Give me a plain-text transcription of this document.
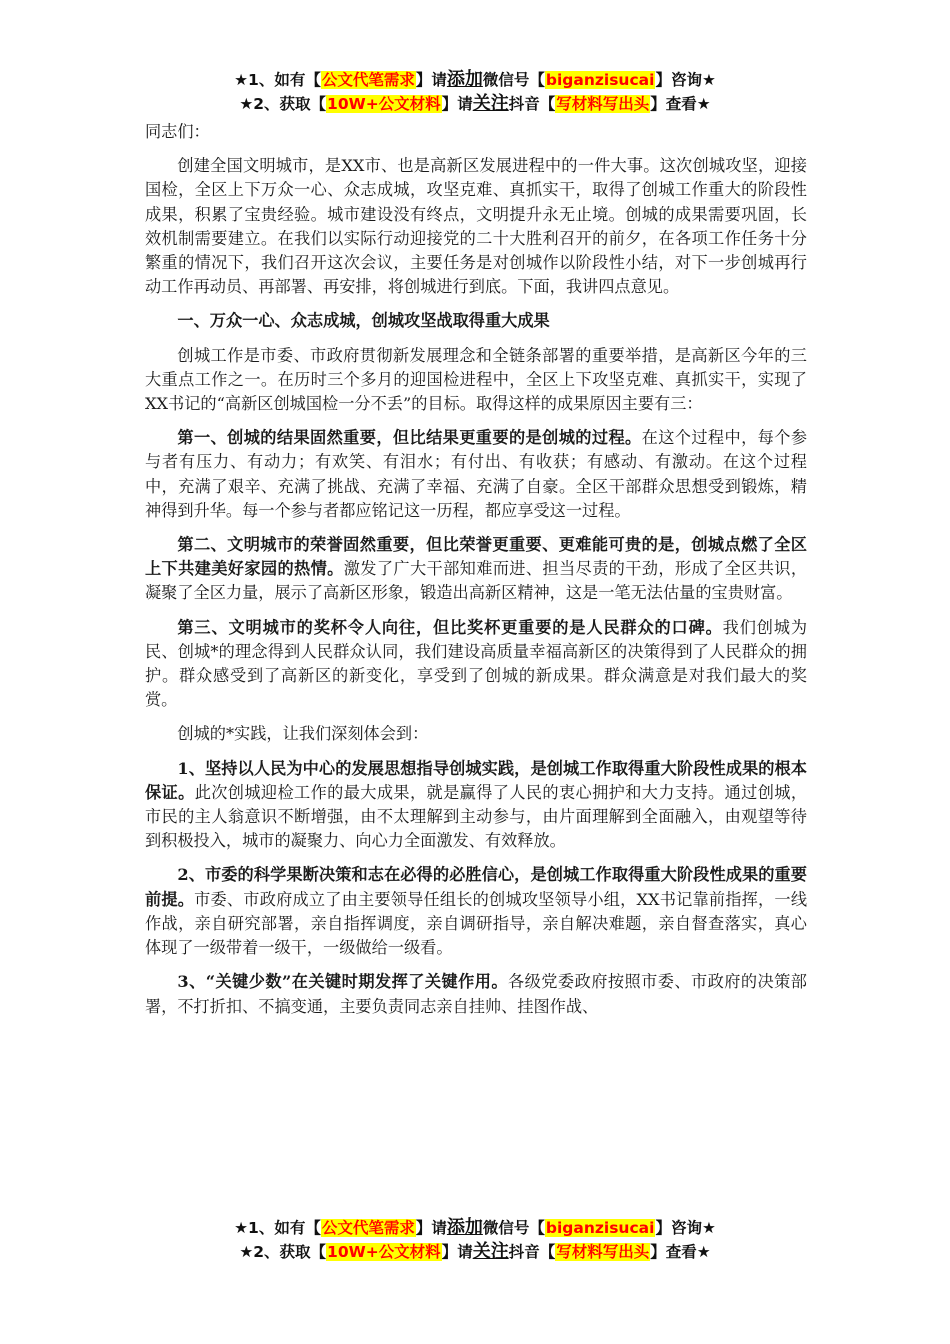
★1、如有【公文代笔需求】请添加微信号【biganzisucai】咨询★
★2、获取【10W+公文材料】请关注抖音【写材料写出头】查看★

同志们：

创建全国文明城市，是XX市、也是高新区发展进程中的一件大事。这次创城攻坚，迎接国检，全区上下万众一心、众志成城，攻坚克难、真抓实干，取得了创城工作重大的阶段性成果，积累了宝贵经验。城市建设没有终点，文明提升永无止境。创城的成果需要巩固，长效机制需要建立。在我们以实际行动迎接党的二十大胜利召开的前夕，在各项工作任务十分繁重的情况下，我们召开这次会议，主要任务是对创城作以阶段性小结，对下一步创城再行动工作再动员、再部署、再安排，将创城进行到底。下面，我讲四点意见。

一、万众一心、众志成城，创城攻坚战取得重大成果

创城工作是市委、市政府贯彻新发展理念和全链条部署的重要举措，是高新区今年的三大重点工作之一。在历时三个多月的迎国检进程中，全区上下攻坚克难、真抓实干，实现了XX书记的“高新区创城国检一分不丢”的目标。取得这样的成果原因主要有三：

第一、创城的结果固然重要，但比结果更重要的是创城的过程。在这个过程中，每个参与者有压力、有动力；有欢笑、有泪水；有付出、有收获；有感动、有激动。在这个过程中，充满了艰辛、充满了挑战、充满了幸福、充满了自豪。全区干部群众思想受到锻炼，精神得到升华。每一个参与者都应铭记这一历程，都应享受这一过程。

第二、文明城市的荣誉固然重要，但比荣誉更重要、更难能可贵的是，创城点燃了全区上下共建美好家园的热情。激发了广大干部知难而进、担当尽责的干劲，形成了全区共识，凝聚了全区力量，展示了高新区形象，锻造出高新区精神，这是一笔无法估量的宝贵财富。

第三、文明城市的奖杯令人向往，但比奖杯更重要的是人民群众的口碑。我们创城为民、创城*的理念得到人民群众认同，我们建设高质量幸福高新区的决策得到了人民群众的拥护。群众感受到了高新区的新变化，享受到了创城的新成果。群众满意是对我们最大的奖赏。

创城的*实践，让我们深刻体会到：

1、坚持以人民为中心的发展思想指导创城实践，是创城工作取得重大阶段性成果的根本保证。此次创城迎检工作的最大成果，就是赢得了人民的衷心拥护和大力支持。通过创城，市民的主人翁意识不断增强，由不太理解到主动参与，由片面理解到全面融入，由观望等待到积极投入，城市的凝聚力、向心力全面激发、有效释放。

2、市委的科学果断决策和志在必得的必胜信心，是创城工作取得重大阶段性成果的重要前提。市委、市政府成立了由主要领导任组长的创城攻坚领导小组，XX书记靠前指挥，一线作战，亲自研究部署，亲自指挥调度，亲自调研指导，亲自解决难题，亲自督查落实，真心体现了一级带着一级干，一级做给一级看。

3、“关键少数”在关键时期发挥了关键作用。各级党委政府按照市委、市政府的决策部署，不打折扣、不搞变通，主要负责同志亲自挂帅、挂图作战、

★1、如有【公文代笔需求】请添加微信号【biganzisucai】咨询★
★2、获取【10W+公文材料】请关注抖音【写材料写出头】查看★
